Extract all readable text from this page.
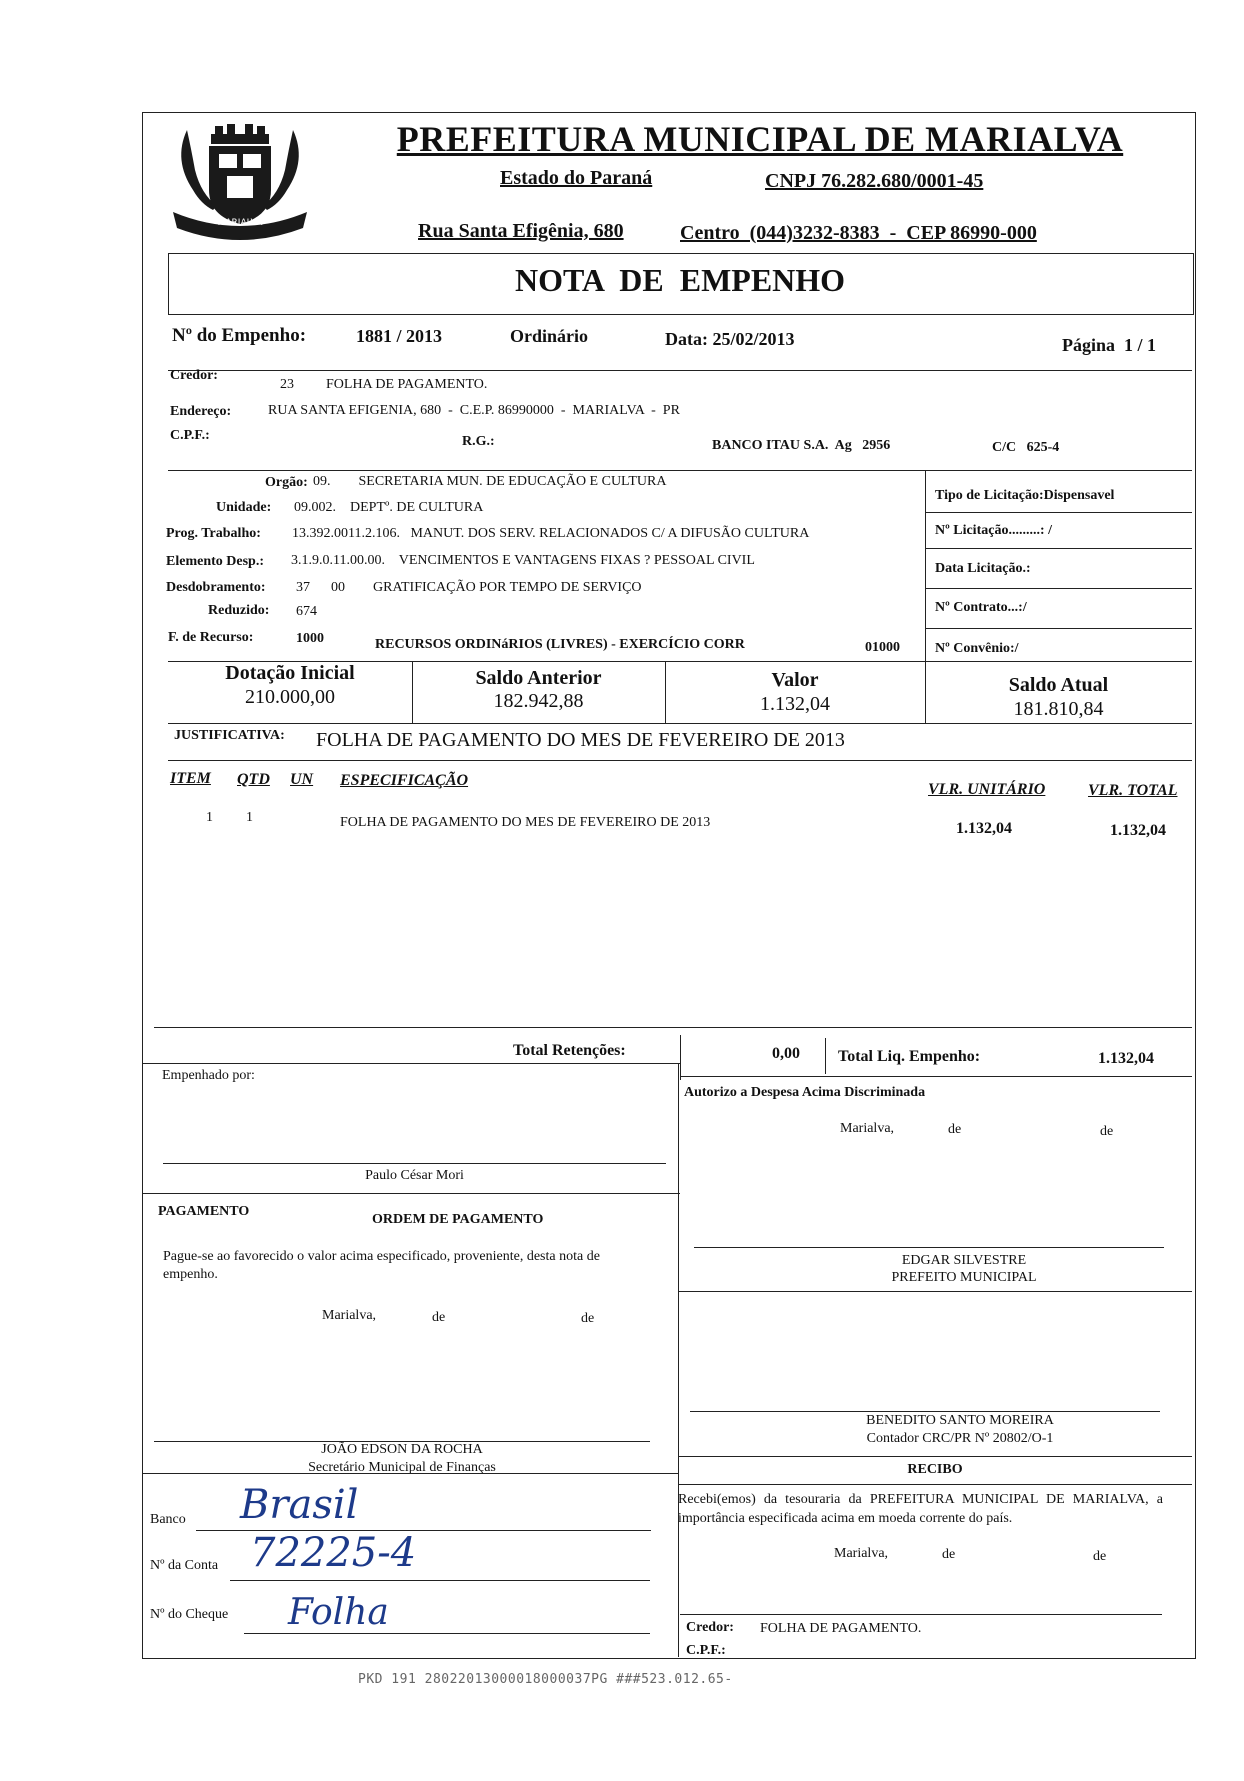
MARIALVA
PREFEITURA MUNICIPAL DE MARIALVA
Estado do Paraná	CNPJ 76.282.680/0001-45
Rua Santa Efigênia, 680	Centro  (044)3232-8383  -  CEP 86990-000
NOTA  DE  EMPENHO
Nº do Empenho:	1881 / 2013	Ordinário	Data: 25/02/2013	Página  1 / 1
Credor:
23 FOLHA DE PAGAMENTO.
Endereço:	RUA SANTA EFIGENIA, 680  -  C.E.P. 86990000  -  MARIALVA  -  PR
C.P.F.:	R.G.:	BANCO ITAU S.A.  Ag   2956	C/C   625-4
Orgão: 09.        SECRETARIA MUN. DE EDUCAÇÃO E CULTURA
Unidade: 09.002.    DEPTº. DE CULTURA
Prog. Trabalho: 13.392.0011.2.106.   MANUT. DOS SERV. RELACIONADOS C/ A DIFUSÃO CULTURA
Elemento Desp.: 3.1.9.0.11.00.00.    VENCIMENTOS E VANTAGENS FIXAS ? PESSOAL CIVIL
Desdobramento: 37      00        GRATIFICAÇÃO POR TEMPO DE SERVIÇO
Reduzido: 674
F. de Recurso:	1000	RECURSOS ORDINáRIOS (LIVRES) - EXERCÍCIO CORR	01000
Tipo de Licitação:Dispensavel
Nº Licitação.........: /
Data Licitação.:
Nº Contrato...:/
Nº Convênio:/
Dotação Inicial
210.000,00
Saldo Anterior
182.942,88
Valor
1.132,04
Saldo Atual
181.810,84
JUSTIFICATIVA: FOLHA DE PAGAMENTO DO MES DE FEVEREIRO DE 2013
ITEM QTD UN ESPECIFICAÇÃO
VLR. UNITÁRIO	VLR. TOTAL
1 1	FOLHA DE PAGAMENTO DO MES DE FEVEREIRO DE 2013	1.132,04	1.132,04
Total Retenções:	0,00 Total Liq. Empenho:	1.132,04
Empenhado por:
Paulo César Mori
Autorizo a Despesa Acima Discriminada
Marialva,	de	de
EDGAR SILVESTRE
PREFEITO MUNICIPAL
PAGAMENTO
ORDEM DE PAGAMENTO
Pague-se ao favorecido o valor acima especificado, proveniente, desta nota de empenho.
Marialva,	de	de
JOÃO EDSON DA ROCHA
Secretário Municipal de Finanças
BENEDITO SANTO MOREIRA
Contador CRC/PR Nº 20802/O-1
RECIBO
Recebi(emos) da tesouraria da PREFEITURA MUNICIPAL DE MARIALVA, a importância especificada acima em moeda corrente do país.
Marialva,	de	de
Credor: FOLHA DE PAGAMENTO.
C.P.F.:
Banco Brasil
Nº da Conta 72225-4
Nº do Cheque Folha
PKD 191 28022013000018000037PG ###523.012.65-
